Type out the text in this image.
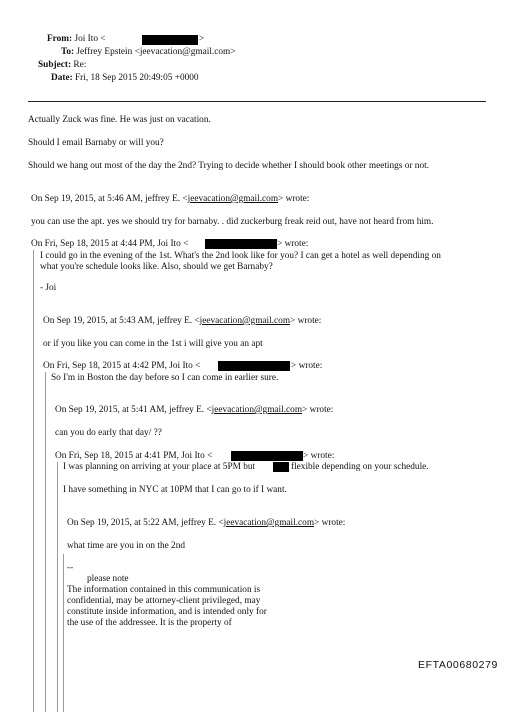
From: Joi Ito <	>
To: Jeffrey Epstein <jeevacation@gmail.com>
Subject: Re:
Date: Fri, 18 Sep 2015 20:49:05 +0000
Actually Zuck was fine. He was just on vacation.
Should I email Barnaby or will you?
Should we hang out most of the day the 2nd? Trying to decide whether I should book other meetings or not.
On Sep 19, 2015, at 5:46 AM, jeffrey E. <jeevacation@gmail.com> wrote:
you can use the apt. yes we should try for barnaby. . did zuckerburg freak reid out, have not heard from him.
On Fri, Sep 18, 2015 at 4:44 PM, Joi Ito <	> wrote:
I could go in the evening of the 1st. What's the 2nd look like for you? I can get a hotel as well depending on
what you're schedule looks like. Also, should we get Barnaby?
- Joi
On Sep 19, 2015, at 5:43 AM, jeffrey E. <jeevacation@gmail.com> wrote:
or if you like you can come in the 1st i will give you an apt
On Fri, Sep 18, 2015 at 4:42 PM, Joi Ito <	> wrote:
So I'm in Boston the day before so I can come in earlier sure.
On Sep 19, 2015, at 5:41 AM, jeffrey E. <jeevacation@gmail.com> wrote:
can you do early that day/ ??
On Fri, Sep 18, 2015 at 4:41 PM, Joi Ito <	> wrote:
I was planning on arriving at your place at 5PM but	flexible depending on your schedule.
I have something in NYC at 10PM that I can go to if I want.
On Sep 19, 2015, at 5:22 AM, jeffrey E. <jeevacation@gmail.com> wrote:
what time are you in on the 2nd
--
please note
The information contained in this communication is
confidential, may be attorney-client privileged, may
constitute inside information, and is intended only for
the use of the addressee. It is the property of
EFTA00680279
